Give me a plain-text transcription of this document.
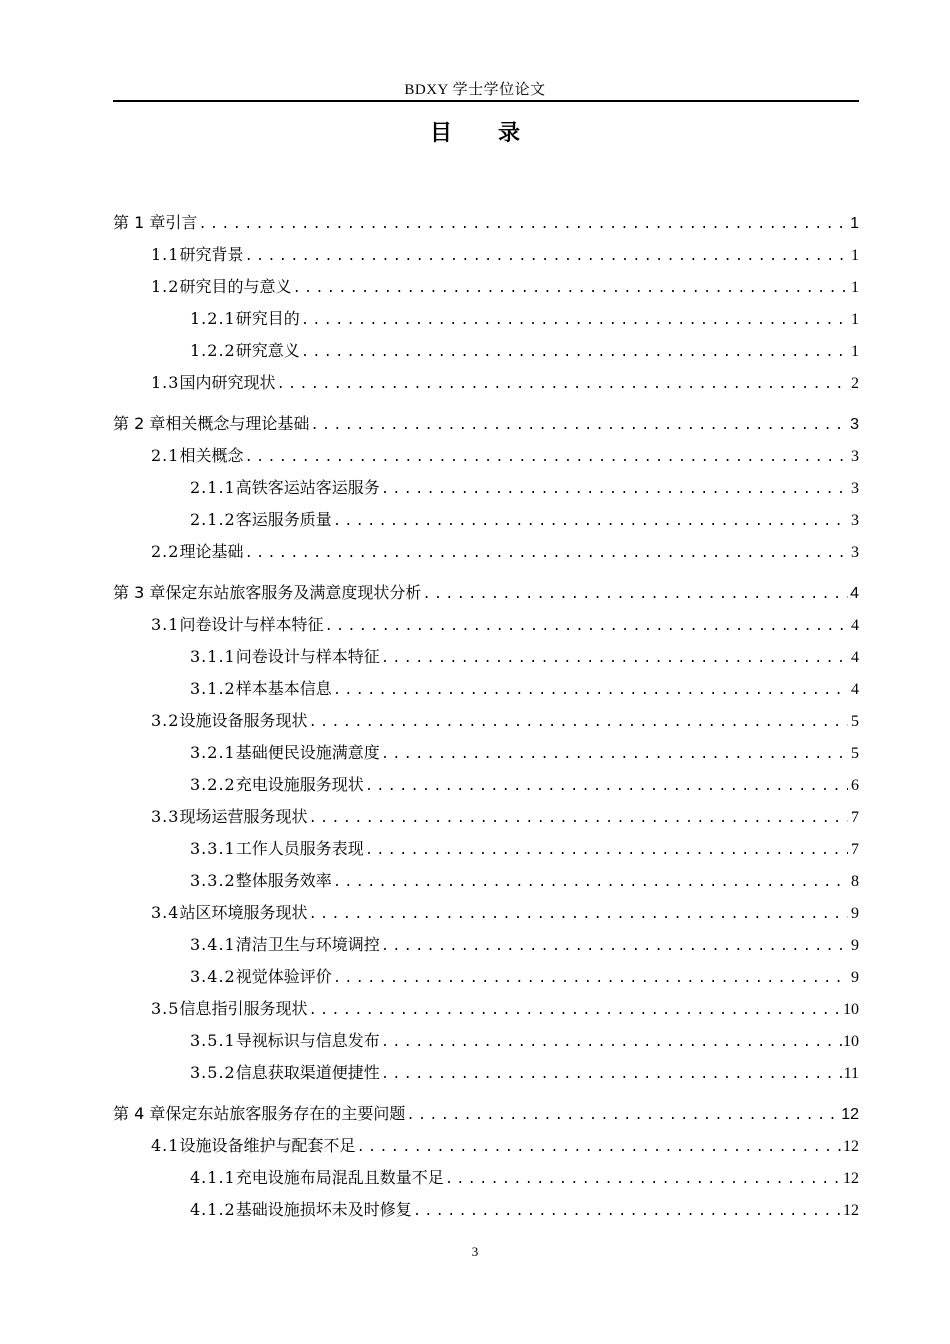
BDXY 学士学位论文
目 录
第 1 章 引言 .....	1
1.1 研究背景 .....	1
1.2 研究目的与意义 .....	1
1.2.1 研究目的 .....	1
1.2.2 研究意义 .....	1
1.3 国内研究现状 .....	2
第 2 章 相关概念与理论基础 .....	3
2.1 相关概念 .....	3
2.1.1 高铁客运站客运服务 .....	3
2.1.2 客运服务质量 .....	3
2.2 理论基础 .....	3
第 3 章 保定东站旅客服务及满意度现状分析 .....	4
3.1 问卷设计与样本特征 .....	4
3.1.1 问卷设计与样本特征 .....	4
3.1.2 样本基本信息 .....	4
3.2 设施设备服务现状 .....	5
3.2.1 基础便民设施满意度 .....	5
3.2.2 充电设施服务现状 .....	6
3.3 现场运营服务现状 .....	7
3.3.1 工作人员服务表现 .....	7
3.3.2 整体服务效率 .....	8
3.4 站区环境服务现状 .....	9
3.4.1 清洁卫生与环境调控 .....	9
3.4.2 视觉体验评价 .....	9
3.5 信息指引服务现状 .....	10
3.5.1 导视标识与信息发布 .....	10
3.5.2 信息获取渠道便捷性 .....	11
第 4 章 保定东站旅客服务存在的主要问题 .....	12
4.1 设施设备维护与配套不足 .....	12
4.1.1 充电设施布局混乱且数量不足 .....	12
4.1.2 基础设施损坏未及时修复 .....	12
3
